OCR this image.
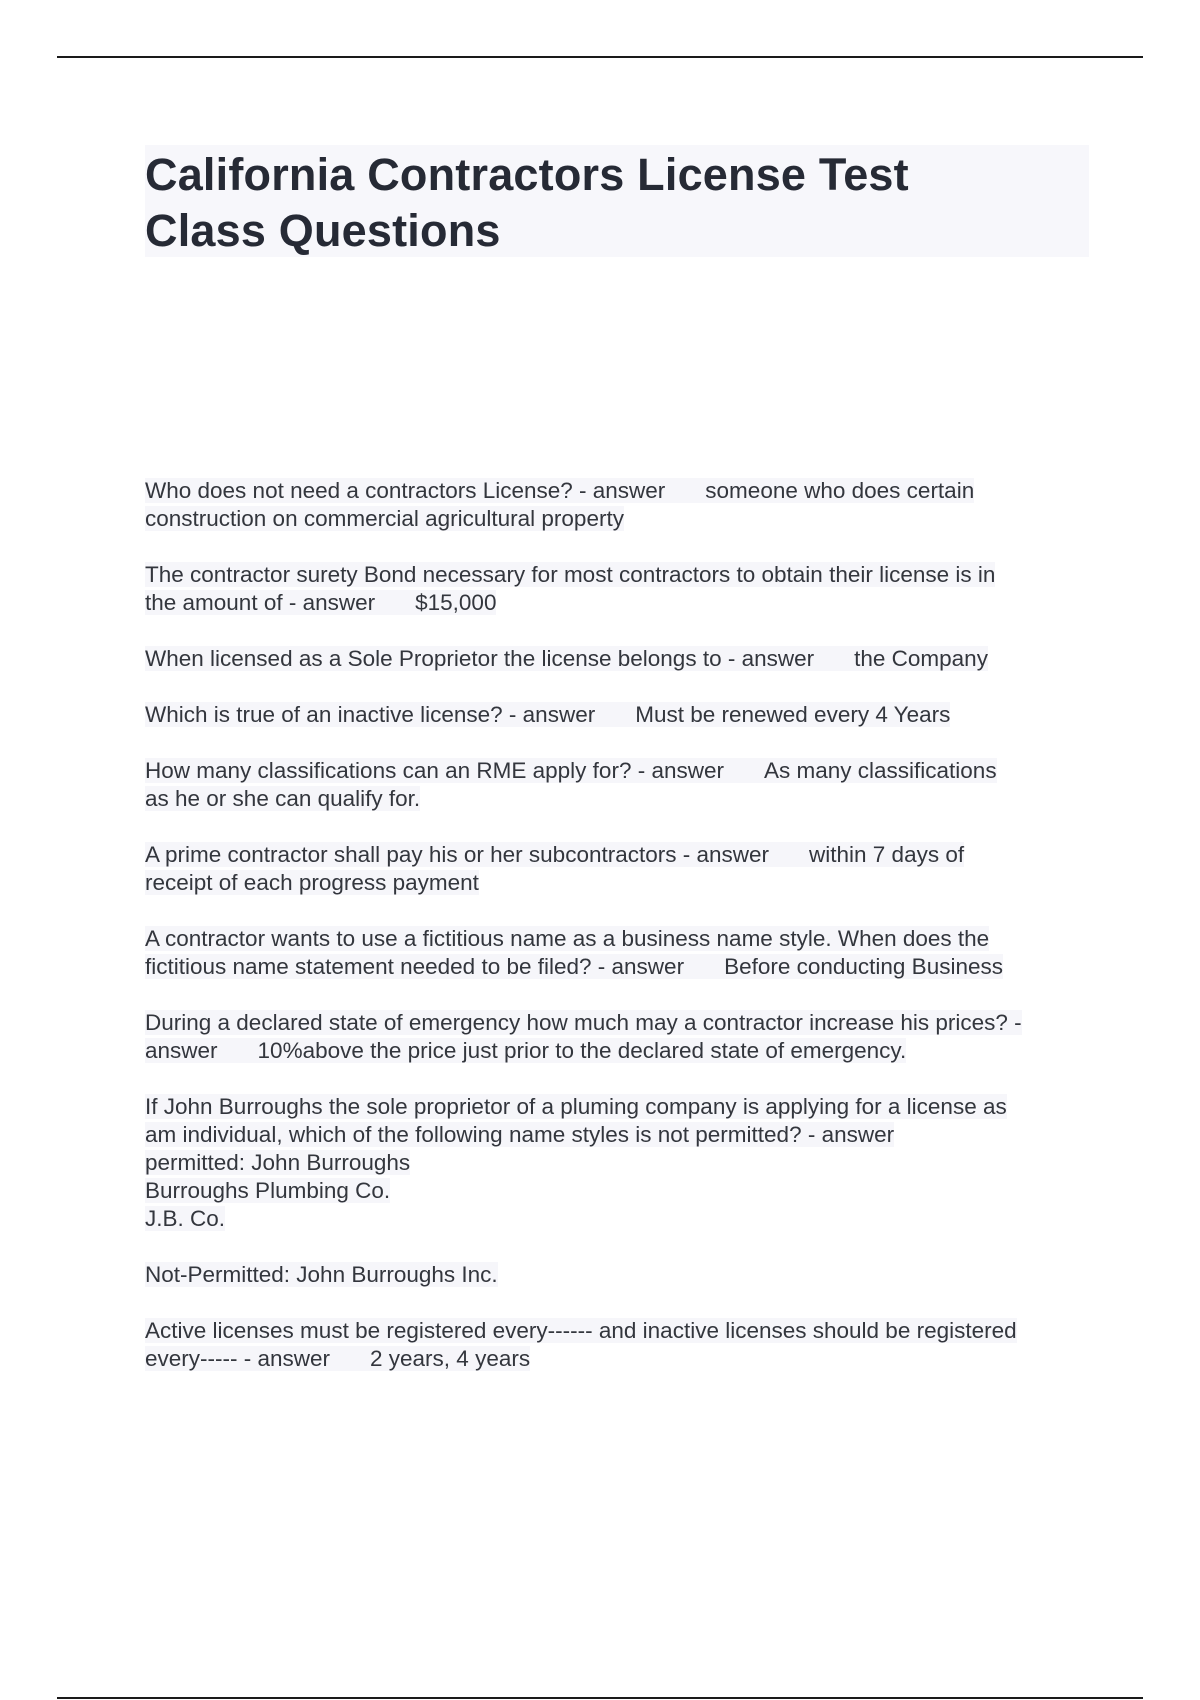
California Contractors License Test
Class Questions
Who does not need a contractors License? - answer someone who does certain
construction on commercial agricultural property
The contractor surety Bond necessary for most contractors to obtain their license is in
the amount of - answer $15,000
When licensed as a Sole Proprietor the license belongs to - answer the Company
Which is true of an inactive license? - answer Must be renewed every 4 Years
How many classifications can an RME apply for? - answer As many classifications
as he or she can qualify for.
A prime contractor shall pay his or her subcontractors - answer within 7 days of
receipt of each progress payment
A contractor wants to use a fictitious name as a business name style. When does the
fictitious name statement needed to be filed? - answer Before conducting Business
During a declared state of emergency how much may a contractor increase his prices? -
answer 10%above the price just prior to the declared state of emergency.
If John Burroughs the sole proprietor of a pluming company is applying for a license as
am individual, which of the following name styles is not permitted? - answer
permitted: John Burroughs
Burroughs Plumbing Co.
J.B. Co.
Not-Permitted: John Burroughs Inc.
Active licenses must be registered every------ and inactive licenses should be registered
every----- - answer 2 years, 4 years
